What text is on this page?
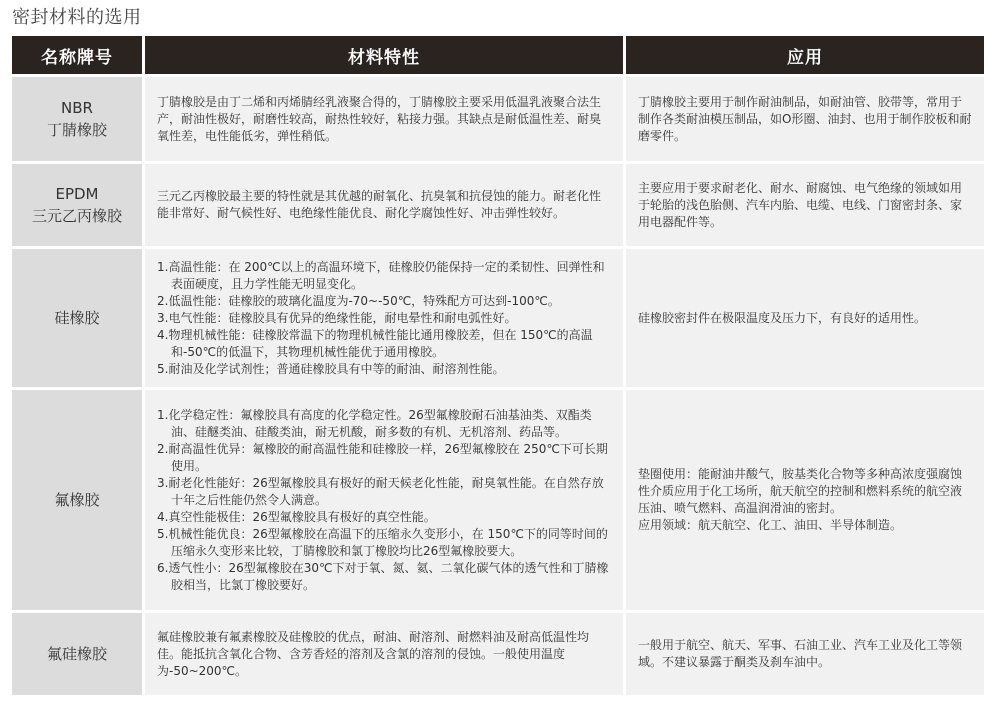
密封材料的选用
名称牌号	材料特性	应用
NBR
丁腈橡胶
丁腈橡胶是由丁二烯和丙烯腈经乳液聚合得的，丁腈橡胶主要采用低温乳液聚合法生产，耐油性极好，耐磨性较高，耐热性较好，粘接力强。其缺点是耐低温性差、耐臭氧性差，电性能低劣，弹性稍低。
丁腈橡胶主要用于制作耐油制品，如耐油管、胶带等，常用于制作各类耐油模压制品，如O形圈、油封、也用于制作胶板和耐磨零件。
EPDM
三元乙丙橡胶
三元乙丙橡胶最主要的特性就是其优越的耐氧化、抗臭氧和抗侵蚀的能力。耐老化性能非常好、耐气候性好、电绝缘性能优良、耐化学腐蚀性好、冲击弹性较好。
主要应用于要求耐老化、耐水、耐腐蚀、电气绝缘的领域如用于轮胎的浅色胎侧、汽车内胎、电缆、电线、门窗密封条、家用电器配件等。
硅橡胶
1.高温性能：在 200℃以上的高温环境下，硅橡胶仍能保持一定的柔韧性、回弹性和表面硬度，且力学性能无明显变化。
2.低温性能：硅橡胶的玻璃化温度为-70~-50℃，特殊配方可达到-100℃。
3.电气性能：硅橡胶具有优异的绝缘性能，耐电晕性和耐电弧性好。
4.物理机械性能：硅橡胶常温下的物理机械性能比通用橡胶差，但在 150℃的高温和-50℃的低温下，其物理机械性能优于通用橡胶。
5.耐油及化学试剂性；普通硅橡胶具有中等的耐油、耐溶剂性能。
硅橡胶密封件在极限温度及压力下，有良好的适用性。
氟橡胶
1.化学稳定性：氟橡胶具有高度的化学稳定性。26型氟橡胶耐石油基油类、双酯类油、硅醚类油、硅酸类油，耐无机酸，耐多数的有机、无机溶剂、药品等。
2.耐高温性优异：氟橡胶的耐高温性能和硅橡胶一样，26型氟橡胶在 250℃下可长期使用。
3.耐老化性能好：26型氟橡胶具有极好的耐天候老化性能，耐臭氧性能。在自然存放十年之后性能仍然令人满意。
4.真空性能极佳：26型氟橡胶具有极好的真空性能。
5.机械性能优良：26型氟橡胶在高温下的压缩永久变形小，在 150℃下的同等时间的压缩永久变形来比较，丁腈橡胶和氯丁橡胶均比26型氟橡胶要大。
6.透气性小：26型氟橡胶在30℃下对于氧、氮、氦、二氧化碳气体的透气性和丁腈橡胶相当，比氯丁橡胶要好。
垫圈使用：能耐油井酸气，胺基类化合物等多种高浓度强腐蚀性介质应用于化工场所，航天航空的控制和燃料系统的航空液压油、喷气燃料、高温润滑油的密封。
应用领域：航天航空、化工、油田、半导体制造。
氟硅橡胶
氟硅橡胶兼有氟素橡胶及硅橡胶的优点，耐油、耐溶剂、耐燃料油及耐高低温性均佳。能抵抗含氧化合物、含芳香烃的溶剂及含氯的溶剂的侵蚀。一般使用温度为-50~200℃。
一般用于航空、航天、军事、石油工业、汽车工业及化工等领域。不建议暴露于酮类及刹车油中。
